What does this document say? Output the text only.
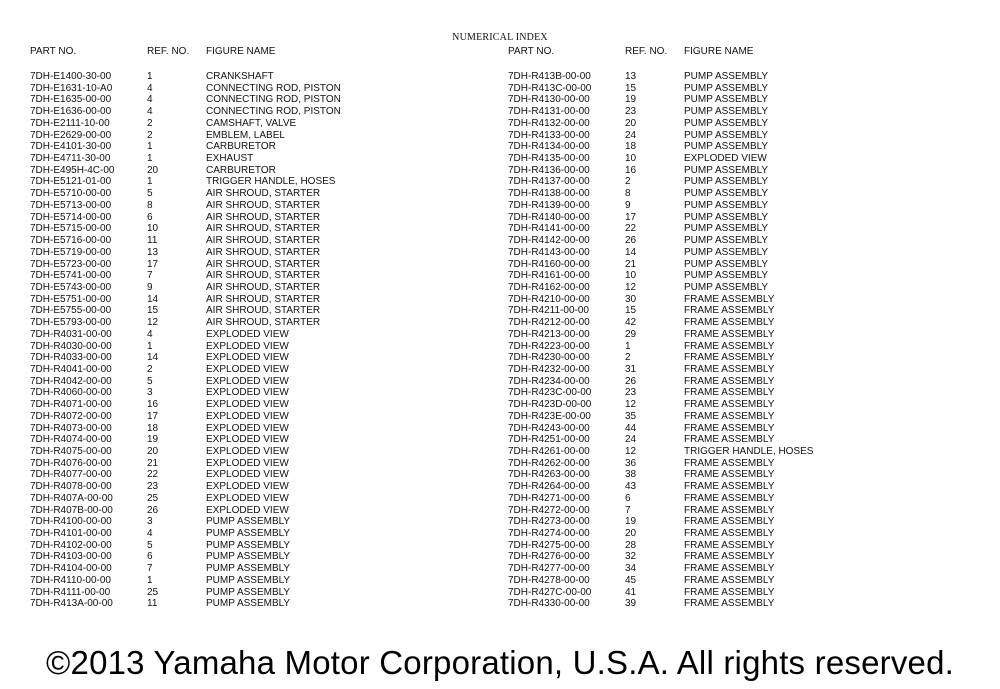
NUMERICAL INDEX
PART NO.	REF. NO. FIGURE NAME
7DH-E1400-30-00	1	CRANKSHAFT
7DH-E1631-10-A0	4	CONNECTING ROD, PISTON
7DH-E1635-00-00	4	CONNECTING ROD, PISTON
7DH-E1636-00-00	4	CONNECTING ROD, PISTON
7DH-E2111-10-00	2	CAMSHAFT, VALVE
7DH-E2629-00-00	2	EMBLEM, LABEL
7DH-E4101-30-00	1	CARBURETOR
7DH-E4711-30-00	1	EXHAUST
7DH-E495H-4C-00	20	CARBURETOR
7DH-E5121-01-00	1	TRIGGER HANDLE, HOSES
7DH-E5710-00-00	5	AIR SHROUD, STARTER
7DH-E5713-00-00	8	AIR SHROUD, STARTER
7DH-E5714-00-00	6	AIR SHROUD, STARTER
7DH-E5715-00-00	10	AIR SHROUD, STARTER
7DH-E5716-00-00	11	AIR SHROUD, STARTER
7DH-E5719-00-00	13	AIR SHROUD, STARTER
7DH-E5723-00-00	17	AIR SHROUD, STARTER
7DH-E5741-00-00	7	AIR SHROUD, STARTER
7DH-E5743-00-00	9	AIR SHROUD, STARTER
7DH-E5751-00-00	14	AIR SHROUD, STARTER
7DH-E5755-00-00	15	AIR SHROUD, STARTER
7DH-E5793-00-00	12	AIR SHROUD, STARTER
7DH-R4031-00-00	4	EXPLODED VIEW
7DH-R4030-00-00	1	EXPLODED VIEW
7DH-R4033-00-00	14	EXPLODED VIEW
7DH-R4041-00-00	2	EXPLODED VIEW
7DH-R4042-00-00	5	EXPLODED VIEW
7DH-R4060-00-00	3	EXPLODED VIEW
7DH-R4071-00-00	16	EXPLODED VIEW
7DH-R4072-00-00	17	EXPLODED VIEW
7DH-R4073-00-00	18	EXPLODED VIEW
7DH-R4074-00-00	19	EXPLODED VIEW
7DH-R4075-00-00	20	EXPLODED VIEW
7DH-R4076-00-00	21	EXPLODED VIEW
7DH-R4077-00-00	22	EXPLODED VIEW
7DH-R4078-00-00	23	EXPLODED VIEW
7DH-R407A-00-00	25	EXPLODED VIEW
7DH-R407B-00-00	26	EXPLODED VIEW
7DH-R4100-00-00	3	PUMP ASSEMBLY
7DH-R4101-00-00	4	PUMP ASSEMBLY
7DH-R4102-00-00	5	PUMP ASSEMBLY
7DH-R4103-00-00	6	PUMP ASSEMBLY
7DH-R4104-00-00	7	PUMP ASSEMBLY
7DH-R4110-00-00	1	PUMP ASSEMBLY
7DH-R4111-00-00	25	PUMP ASSEMBLY
7DH-R413A-00-00	11	PUMP ASSEMBLY
PART NO.	REF. NO. FIGURE NAME
7DH-R413B-00-00	13	PUMP ASSEMBLY
7DH-R413C-00-00	15	PUMP ASSEMBLY
7DH-R4130-00-00	19	PUMP ASSEMBLY
7DH-R4131-00-00	23	PUMP ASSEMBLY
7DH-R4132-00-00	20	PUMP ASSEMBLY
7DH-R4133-00-00	24	PUMP ASSEMBLY
7DH-R4134-00-00	18	PUMP ASSEMBLY
7DH-R4135-00-00	10	EXPLODED VIEW
7DH-R4136-00-00	16	PUMP ASSEMBLY
7DH-R4137-00-00	2	PUMP ASSEMBLY
7DH-R4138-00-00	8	PUMP ASSEMBLY
7DH-R4139-00-00	9	PUMP ASSEMBLY
7DH-R4140-00-00	17	PUMP ASSEMBLY
7DH-R4141-00-00	22	PUMP ASSEMBLY
7DH-R4142-00-00	26	PUMP ASSEMBLY
7DH-R4143-00-00	14	PUMP ASSEMBLY
7DH-R4160-00-00	21	PUMP ASSEMBLY
7DH-R4161-00-00	10	PUMP ASSEMBLY
7DH-R4162-00-00	12	PUMP ASSEMBLY
7DH-R4210-00-00	30	FRAME ASSEMBLY
7DH-R4211-00-00	15	FRAME ASSEMBLY
7DH-R4212-00-00	42	FRAME ASSEMBLY
7DH-R4213-00-00	29	FRAME ASSEMBLY
7DH-R4223-00-00	1	FRAME ASSEMBLY
7DH-R4230-00-00	2	FRAME ASSEMBLY
7DH-R4232-00-00	31	FRAME ASSEMBLY
7DH-R4234-00-00	26	FRAME ASSEMBLY
7DH-R423C-00-00	23	FRAME ASSEMBLY
7DH-R423D-00-00	12	FRAME ASSEMBLY
7DH-R423E-00-00	35	FRAME ASSEMBLY
7DH-R4243-00-00	44	FRAME ASSEMBLY
7DH-R4251-00-00	24	FRAME ASSEMBLY
7DH-R4261-00-00	12	TRIGGER HANDLE, HOSES
7DH-R4262-00-00	36	FRAME ASSEMBLY
7DH-R4263-00-00	38	FRAME ASSEMBLY
7DH-R4264-00-00	43	FRAME ASSEMBLY
7DH-R4271-00-00	6	FRAME ASSEMBLY
7DH-R4272-00-00	7	FRAME ASSEMBLY
7DH-R4273-00-00	19	FRAME ASSEMBLY
7DH-R4274-00-00	20	FRAME ASSEMBLY
7DH-R4275-00-00	28	FRAME ASSEMBLY
7DH-R4276-00-00	32	FRAME ASSEMBLY
7DH-R4277-00-00	34	FRAME ASSEMBLY
7DH-R4278-00-00	45	FRAME ASSEMBLY
7DH-R427C-00-00	41	FRAME ASSEMBLY
7DH-R4330-00-00	39	FRAME ASSEMBLY
©2013 Yamaha Motor Corporation, U.S.A. All rights reserved.
